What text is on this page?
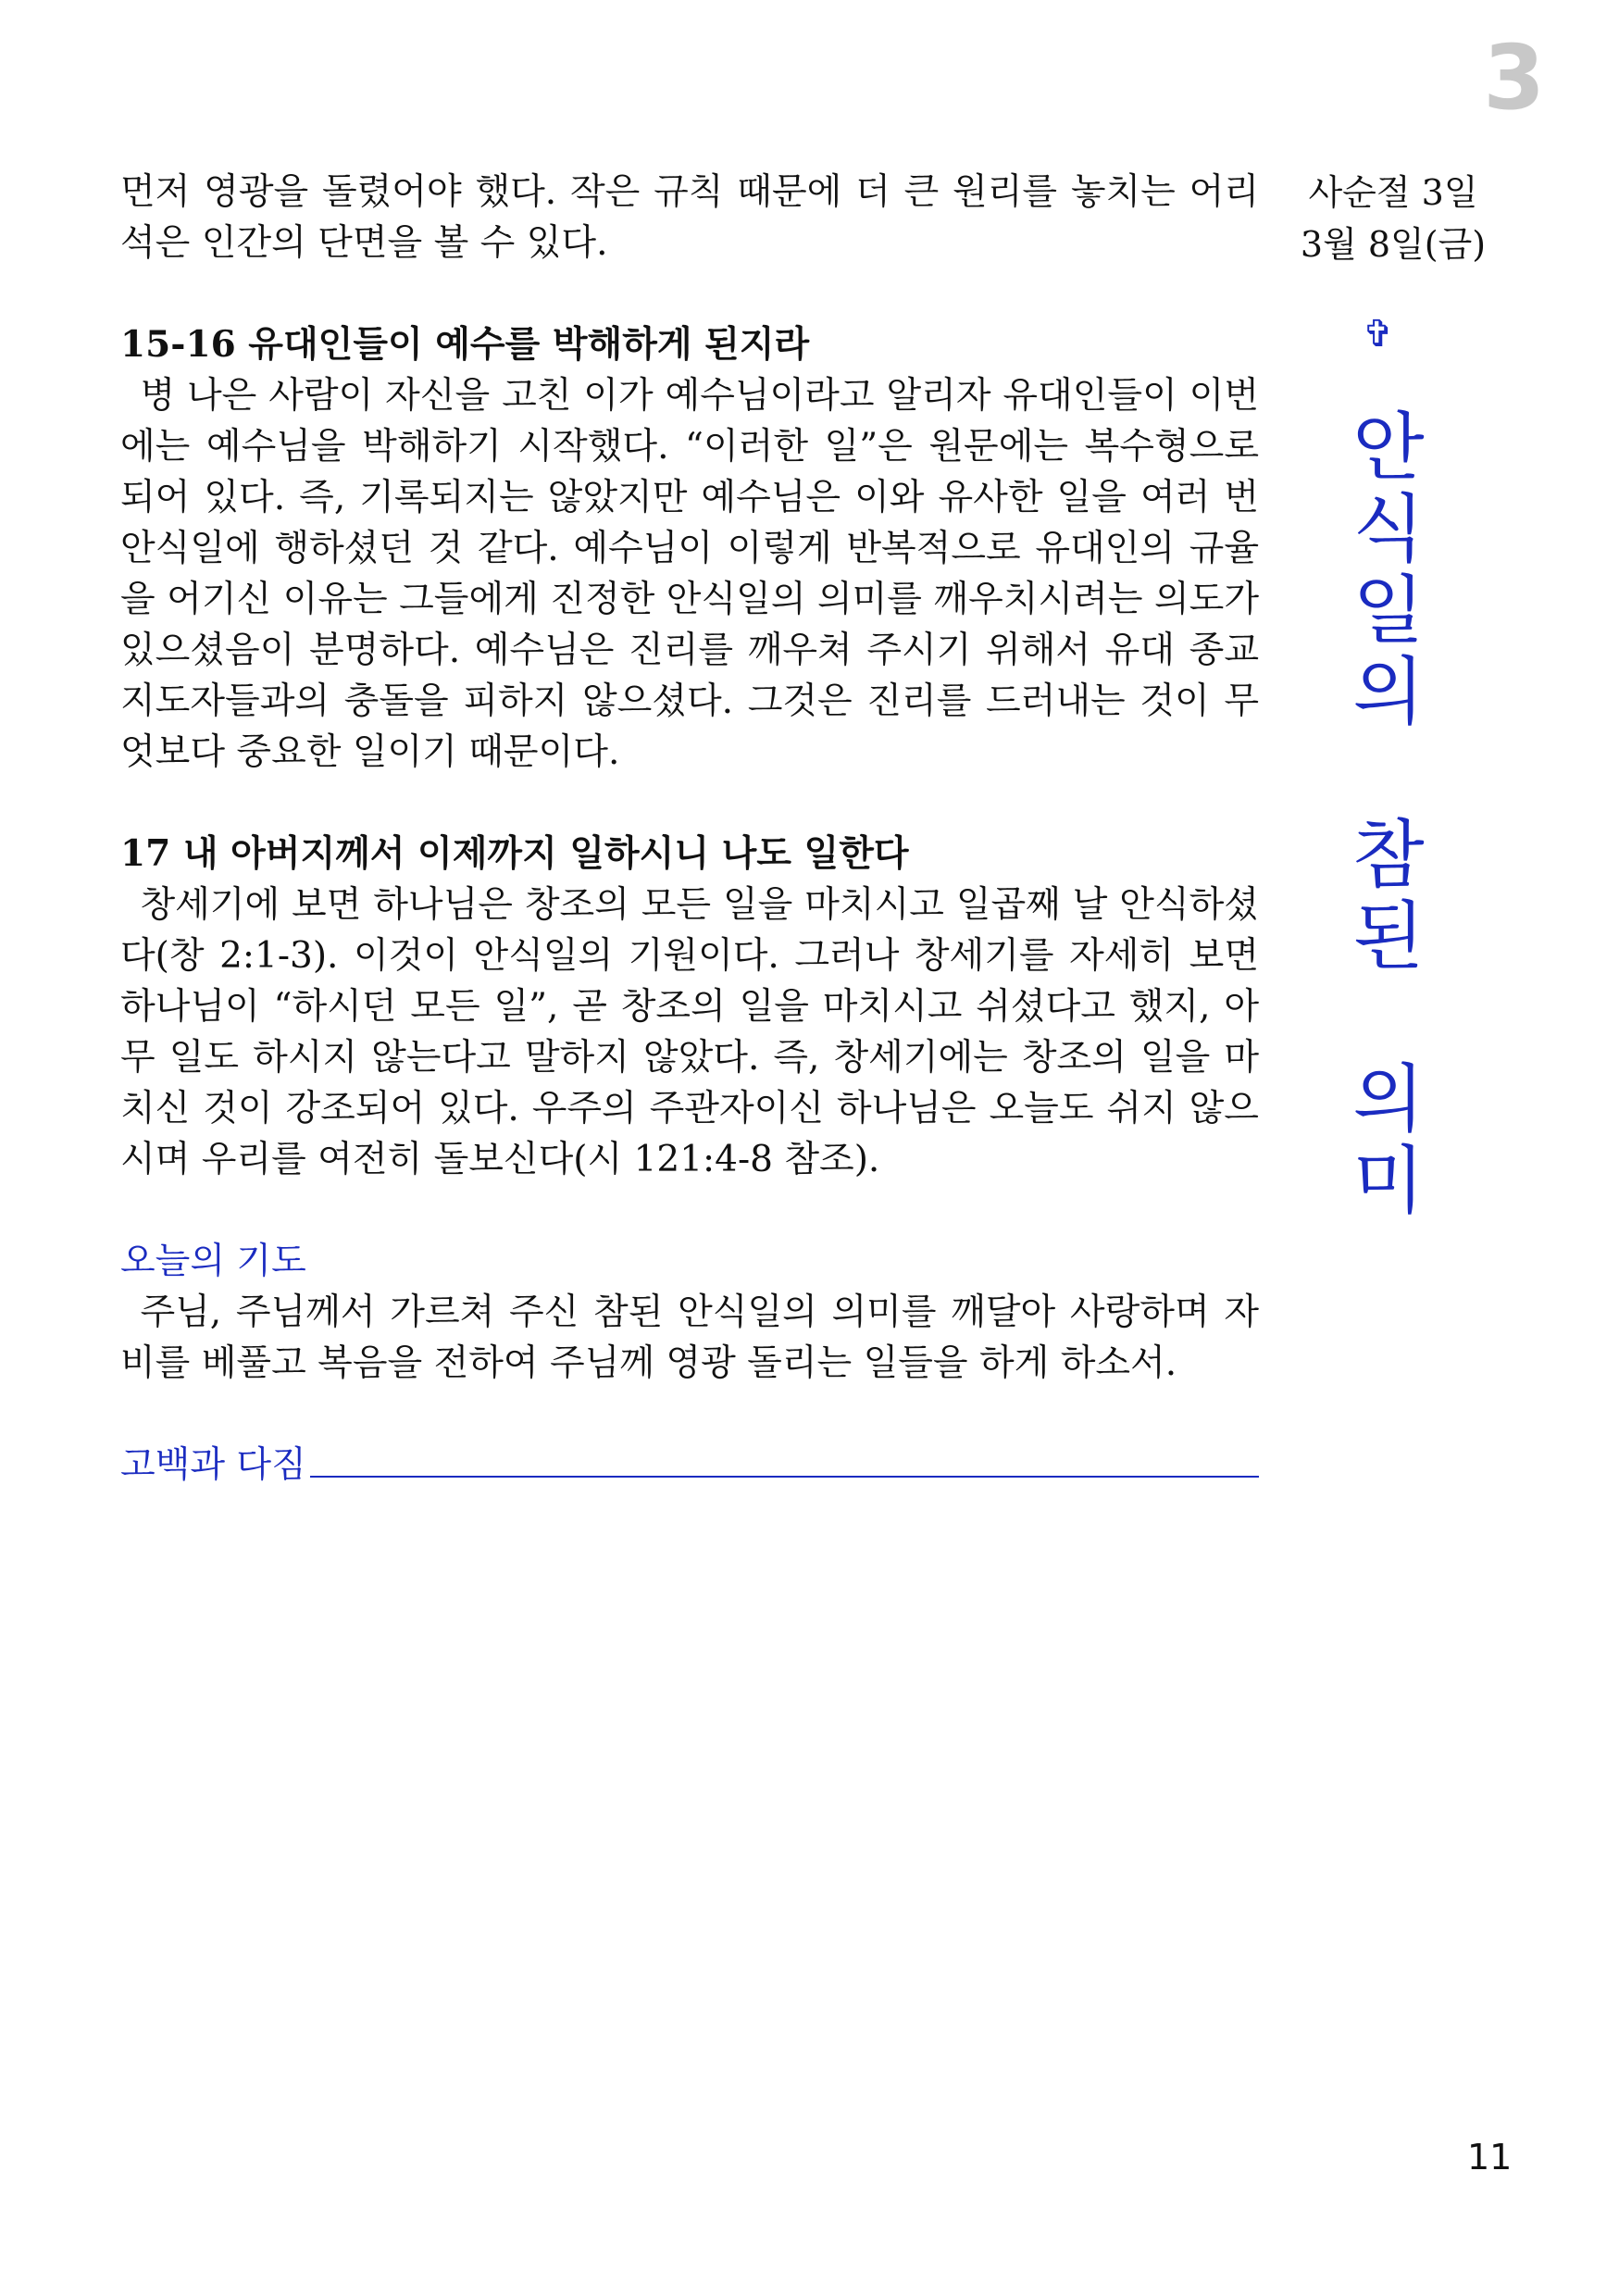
3
사순절 3일
3월 8일(금)
✞
안
식
일
의
참
된
의
미

먼저 영광을 돌렸어야 했다. 작은 규칙 때문에 더 큰 원리를 놓치는 어리석은 인간의 단면을 볼 수 있다.

15-16 유대인들이 예수를 박해하게 된지라

병 나은 사람이 자신을 고친 이가 예수님이라고 알리자 유대인들이 이번에는 예수님을 박해하기 시작했다. “이러한 일”은 원문에는 복수형으로 되어 있다. 즉, 기록되지는 않았지만 예수님은 이와 유사한 일을 여러 번 안식일에 행하셨던 것 같다. 예수님이 이렇게 반복적으로 유대인의 규율을 어기신 이유는 그들에게 진정한 안식일의 의미를 깨우치시려는 의도가 있으셨음이 분명하다. 예수님은 진리를 깨우쳐 주시기 위해서 유대 종교 지도자들과의 충돌을 피하지 않으셨다. 그것은 진리를 드러내는 것이 무엇보다 중요한 일이기 때문이다.

17 내 아버지께서 이제까지 일하시니 나도 일한다

창세기에 보면 하나님은 창조의 모든 일을 마치시고 일곱째 날 안식하셨다(창 2:1-3). 이것이 안식일의 기원이다. 그러나 창세기를 자세히 보면 하나님이 “하시던 모든 일”, 곧 창조의 일을 마치시고 쉬셨다고 했지, 아무 일도 하시지 않는다고 말하지 않았다. 즉, 창세기에는 창조의 일을 마치신 것이 강조되어 있다. 우주의 주관자이신 하나님은 오늘도 쉬지 않으시며 우리를 여전히 돌보신다(시 121:4-8 참조).

오늘의 기도

주님, 주님께서 가르쳐 주신 참된 안식일의 의미를 깨달아 사랑하며 자비를 베풀고 복음을 전하여 주님께 영광 돌리는 일들을 하게 하소서.

고백과 다짐
11
